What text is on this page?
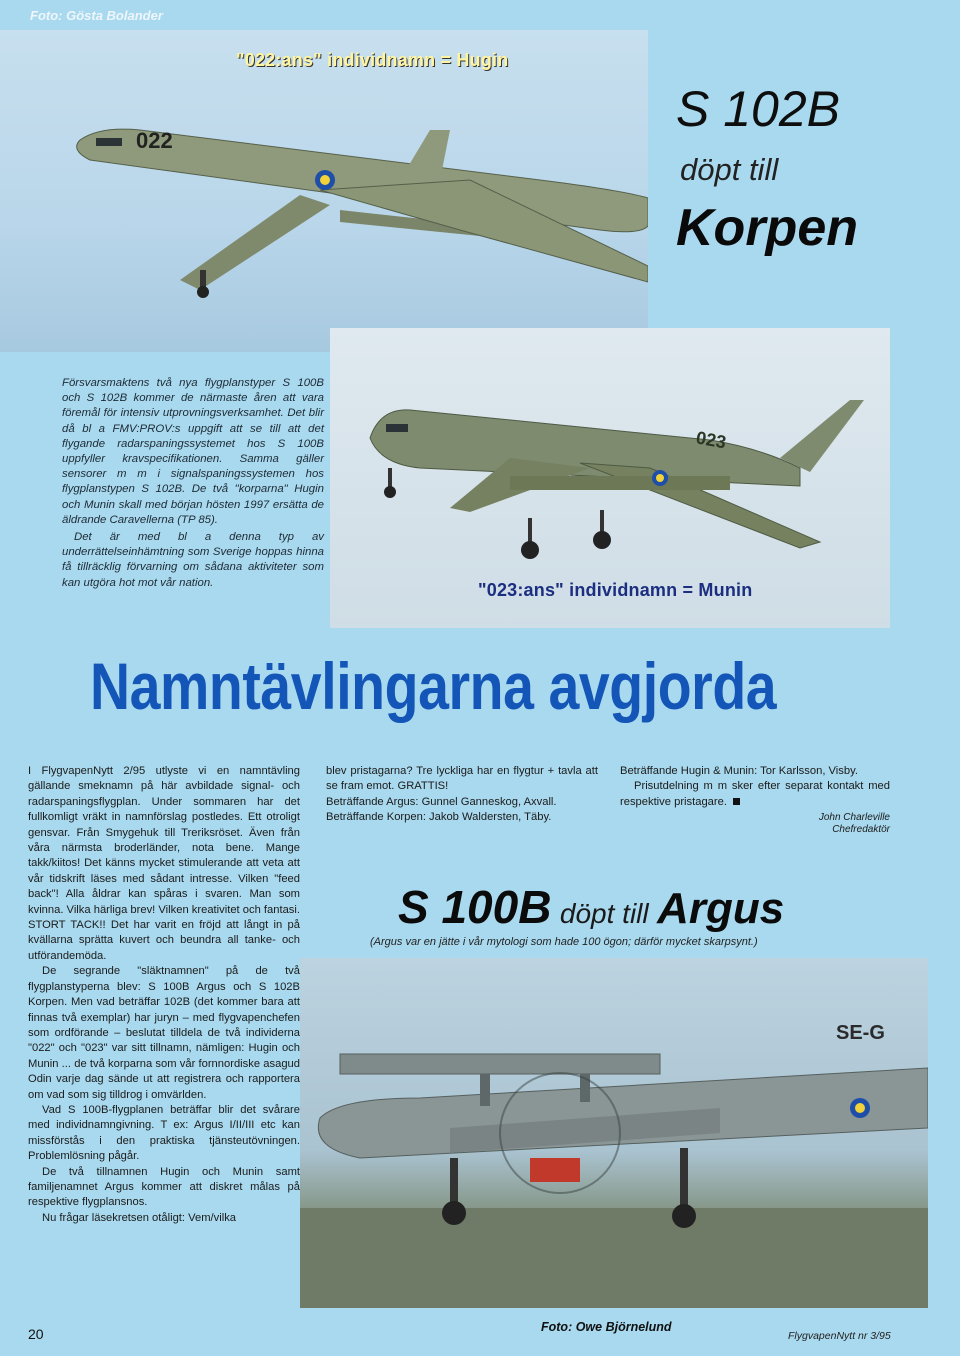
Foto: Gösta Bolander
"022:ans" individnamn = Hugin
022
S 102B
döpt till
Korpen

Försvarsmaktens två nya flygplanstyper S 100B och S 102B kommer de närmaste åren att vara föremål för intensiv utprovningsverksamhet. Det blir då bl a FMV:PROV:s uppgift att se till att det flygande radarspaningssystemet hos S 100B uppfyller kravspecifikationen. Samma gäller sensorer m m i signalspaningssystemen hos flygplanstypen S 102B. De två "korparna" Hugin och Munin skall med början hösten 1997 ersätta de äldrande Caravellerna (TP 85).

Det är med bl a denna typ av underrättelseinhämtning som Sverige hoppas hinna få tillräcklig förvarning om sådana aktiviteter som kan utgöra hot mot vår nation.

023
"023:ans" individnamn = Munin
Namntävlingarna avgjorda

I FlygvapenNytt 2/95 utlyste vi en namntävling gällande smeknamn på här avbildade signal- och radarspaningsflygplan. Under sommaren har det fullkomligt vräkt in namnförslag postledes. Ett otroligt gensvar. Från Smygehuk till Treriksröset. Även från våra närmsta broderländer, nota bene. Mange takk/kiitos! Det känns mycket stimulerande att veta att vår tidskrift läses med sådant intresse. Vilken "feed back"! Alla åldrar kan spåras i svaren. Man som kvinna. Vilka härliga brev! Vilken kreativitet och fantasi. STORT TACK!! Det har varit en fröjd att långt in på kvällarna sprätta kuvert och beundra all tanke- och utförandemöda.

De segrande "släktnamnen" på de två flygplanstyperna blev: S 100B Argus och S 102B Korpen. Men vad beträffar 102B (det kommer bara att finnas två exemplar) har juryn – med flygvapenchefen som ordförande – beslutat tilldela de två individerna "022" och "023" var sitt tillnamn, nämligen: Hugin och Munin ... de två korparna som vår fornnordiske asagud Odin varje dag sände ut att registrera och rapportera om vad som sig tilldrog i omvärlden.

Vad S 100B-flygplanen beträffar blir det svårare med individnamngivning. T ex: Argus I/II/III etc kan missförstås i den praktiska tjänsteutövningen. Problemlösning pågår.

De två tillnamnen Hugin och Munin samt familjenamnet Argus kommer att diskret målas på respektive flygplansnos.

Nu frågar läsekretsen otåligt: Vem/vilka

blev pristagarna? Tre lyckliga har en flygtur + tavla att se fram emot. GRATTIS!

Beträffande Argus: Gunnel Ganneskog, Axvall.

Beträffande Korpen: Jakob Waldersten, Täby.

Beträffande Hugin & Munin: Tor Karlsson, Visby.

Prisutdelning m m sker efter separat kontakt med respektive pristagare.

John Charleville
Chefredaktör
S 100B döpt till Argus
(Argus var en jätte i vår mytologi som hade 100 ögon; därför mycket skarpsynt.)
SE-G
Foto: Owe Björnelund
20	FlygvapenNytt nr 3/95
